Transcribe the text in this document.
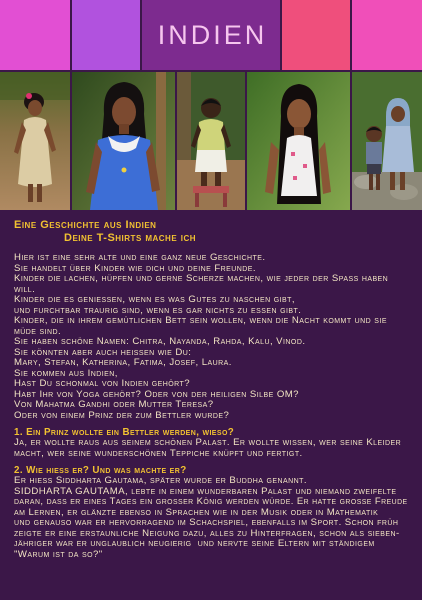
INDIEN
Eine Geschichte aus Indien
Deine T-Shirts mache ich
Hier ist eine sehr alte und eine ganz neue Geschichte.
Sie handelt über Kinder wie dich und deine Freunde.
Kinder die lachen, hüpfen und gerne Scherze machen, wie jeder der Spass haben
will.
Kinder die es geniessen, wenn es was Gutes zu naschen gibt,
und furchtbar traurig sind, wenn es gar nichts zu essen gibt.
Kinder, die in ihrem gemütlichen Bett sein wollen, wenn die Nacht kommt und sie
müde sind.
Sie haben schöne Namen: Chitra, Nayanda, Rahda, Kalu, Vinod.
Sie könnten aber auch heissen wie Du:
Mary, Stefan, Katherina, Fatima, Josef, Laura.
Sie kommen aus Indien,
Hast Du schonmal von Indien gehört?
Habt Ihr von Yoga gehört? Oder von der heiligen Silbe OM?
Von Mahatma Gandhi oder Mutter Teresa?
Oder von einem Prinz der zum Bettler wurde?
1. Ein Prinz wollte ein Bettler werden, wieso?
Ja, er wollte raus aus seinem schönen Palast. Er wollte wissen, wer seine Kleider
macht, wer seine wunderschönen Teppiche knüpft und fertigt.
2. Wie hiess er? Und was machte er?
Er hiess Siddharta Gautama, später wurde er Buddha genannt.
SIDDHARTA GAUTAMA, lebte in einem wunderbaren Palast und niemand zweifelte
daran, dass er eines Tages ein grosser König werden würde. Er hatte grosse Freude
am Lernen, er glänzte ebenso in Sprachen wie in der Musik oder in Mathematik
und genauso war er hervorragend im Schachspiel, ebenfalls im Sport. Schon früh
zeigte er eine erstaunliche Neigung dazu, alles zu Hinterfragen, schon als sieben-
jähriger war er unglaublich neugierig  und nervte seine Eltern mit ständigem
"Warum ist da so?"
